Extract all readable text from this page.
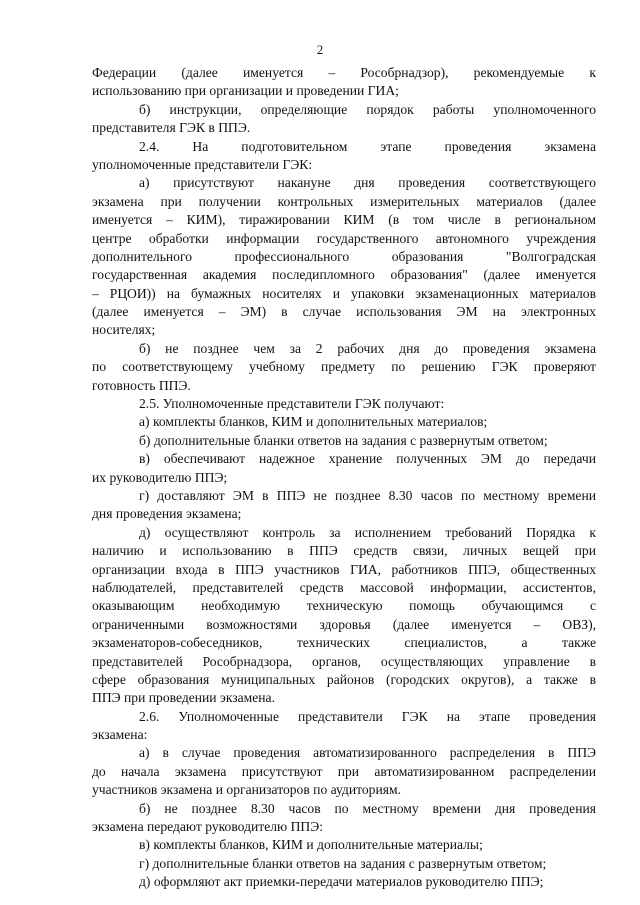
2
Федерации (далее именуется – Рособрнадзор), рекомендуемые к
использованию при организации и проведении ГИА;
б) инструкции, определяющие порядок работы уполномоченного
представителя ГЭК в ППЭ.
2.4. На подготовительном этапе проведения экзамена
уполномоченные представители ГЭК:
а) присутствуют накануне дня проведения соответствующего
экзамена при получении контрольных измерительных материалов (далее
именуется – КИМ), тиражировании КИМ (в том числе в региональном
центре обработки информации государственного автономного учреждения
дополнительного профессионального образования "Волгоградская
государственная академия последипломного образования" (далее именуется
– РЦОИ)) на бумажных носителях и упаковки экзаменационных материалов
(далее именуется – ЭМ) в случае использования ЭМ на электронных
носителях;
б) не позднее чем за 2 рабочих дня до проведения экзамена
по соответствующему учебному предмету по решению ГЭК проверяют
готовность ППЭ.
2.5. Уполномоченные представители ГЭК получают:
а) комплекты бланков, КИМ и дополнительных материалов;
б) дополнительные бланки ответов на задания с развернутым ответом;
в) обеспечивают надежное хранение полученных ЭМ до передачи
их руководителю ППЭ;
г) доставляют ЭМ в ППЭ не позднее 8.30 часов по местному времени
дня проведения экзамена;
д) осуществляют контроль за исполнением требований Порядка к
наличию и использованию в ППЭ средств связи, личных вещей при
организации входа в ППЭ участников ГИА, работников ППЭ, общественных
наблюдателей, представителей средств массовой информации, ассистентов,
оказывающим необходимую техническую помощь обучающимся с
ограниченными возможностями здоровья (далее именуется – ОВЗ),
экзаменаторов-собеседников, технических специалистов, а также
представителей Рособрнадзора, органов, осуществляющих управление в
сфере образования муниципальных районов (городских округов), а также в
ППЭ при проведении экзамена.
2.6. Уполномоченные представители ГЭК на этапе проведения
экзамена:
а) в случае проведения автоматизированного распределения в ППЭ
до начала экзамена присутствуют при автоматизированном распределении
участников экзамена и организаторов по аудиториям.
б) не позднее 8.30 часов по местному времени дня проведения
экзамена передают руководителю ППЭ:
в) комплекты бланков, КИМ и дополнительные материалы;
г) дополнительные бланки ответов на задания с развернутым ответом;
д) оформляют акт приемки-передачи материалов руководителю ППЭ;
